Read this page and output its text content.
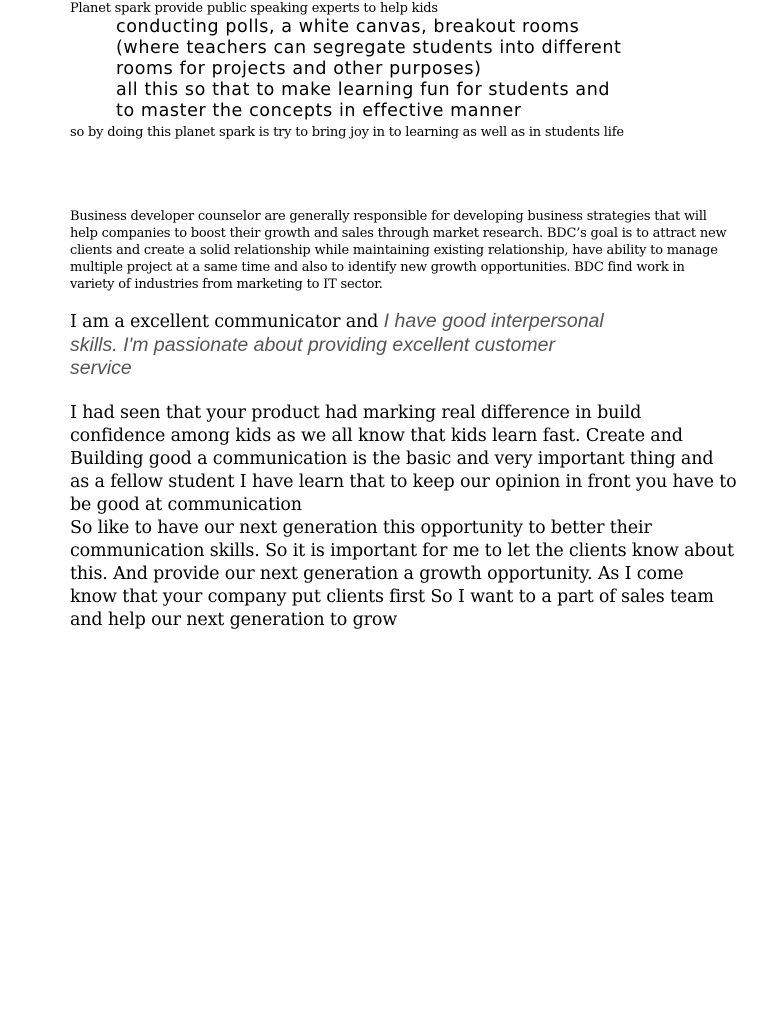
Planet spark provide public speaking experts to help kids

conducting polls, a white canvas, breakout rooms

(where teachers can segregate students into different

rooms for projects and other purposes)

all this so that to make learning fun for students and

to master the concepts in effective manner

so by doing this planet spark is try to bring joy in to learning as well as in students life

Business developer counselor are generally responsible for developing business strategies that will

help companies to boost their growth and sales through market research. BDC’s goal is to attract new

clients and create a solid relationship while maintaining existing relationship, have ability to manage

multiple project at a same time and also to identify new growth opportunities. BDC find work in

variety of industries from marketing to IT sector.

I am a excellent communicator and I have good interpersonal

skills. I'm passionate about providing excellent customer

service

I had seen that your product had marking real difference in build

confidence among kids as we all know that kids learn fast. Create and

Building good a communication is the basic and very important thing and

as a fellow student I have learn that to keep our opinion in front you have to

be good at communication

So like to have our next generation this opportunity to better their

communication skills. So it is important for me to let the clients know about

this. And provide our next generation a growth opportunity. As I come

know that your company put clients first So I want to a part of sales team

and help our next generation to grow
